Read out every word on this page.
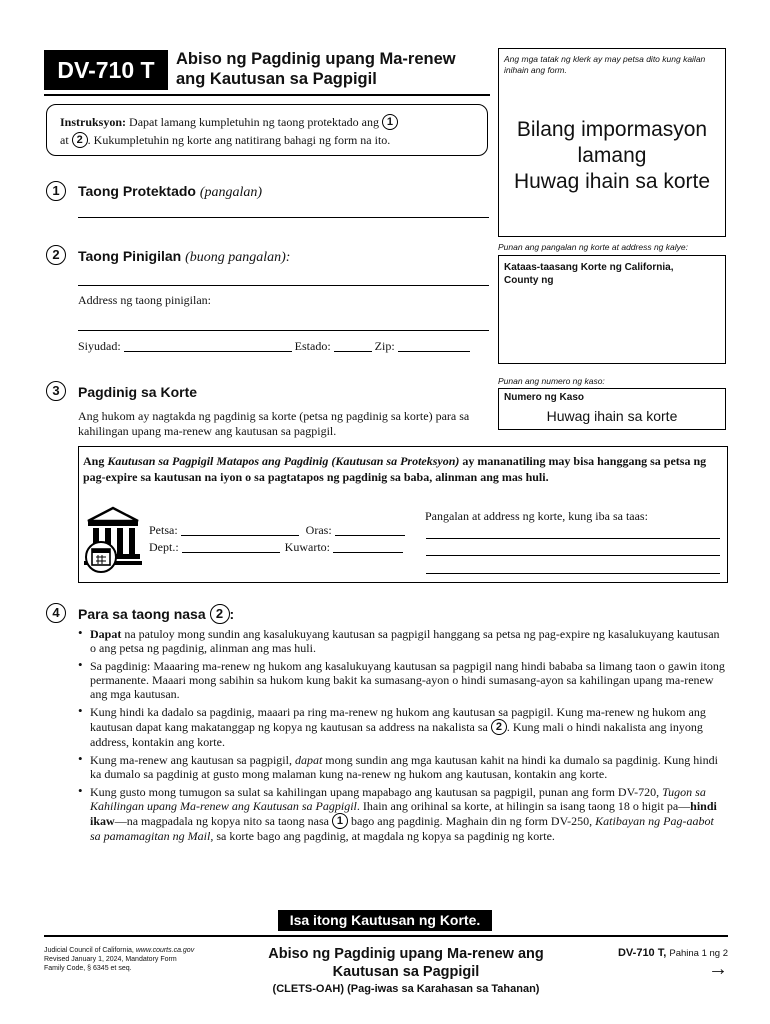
DV-710 T	Abiso ng Pagdinig upang Ma-renew
ang Kautusan sa Pagpigil
Ang mga tatak ng klerk ay may petsa dito kung kailan inihain ang form.
Bilang impormasyon
lamang
Huwag ihain sa korte
Instruksyon: Dapat lamang kumpletuhin ng taong protektado ang 1
at 2 . Kukumpletuhin ng korte ang natitirang bahagi ng form na ito.
1	Taong Protektado (pangalan)
2	Taong Pinigilan (buong pangalan):
Address ng taong pinigilan:
Siyudad:	Estado:	Zip:
Punan ang pangalan ng korte at address ng kalye:
Kataas-taasang Korte ng California,
County ng
Punan ang numero ng kaso:
Numero ng Kaso
Huwag ihain sa korte
3	Pagdinig sa Korte
Ang hukom ay nagtakda ng pagdinig sa korte (petsa ng pagdinig sa korte) para sa kahilingan upang ma-renew ang kautusan sa pagpigil.
Ang Kautusan sa Pagpigil Matapos ang Pagdinig (Kautusan sa Proteksyon) ay mananatiling may bisa hanggang sa petsa ng pag-expire sa kautusan na iyon o sa pagtatapos ng pagdinig sa baba, alinman ang mas huli.
Petsa:	Oras:
Dept.:	Kuwarto:
Pangalan at address ng korte, kung iba sa taas:
4	Para sa taong nasa 2 :
• Dapat na patuloy mong sundin ang kasalukuyang kautusan sa pagpigil hanggang sa petsa ng pag-expire ng kasalukuyang kautusan o ang petsa ng pagdinig, alinman ang mas huli.
• Sa pagdinig: Maaaring ma-renew ng hukom ang kasalukuyang kautusan sa pagpigil nang hindi bababa sa limang taon o gawin itong permanente. Maaari mong sabihin sa hukom kung bakit ka sumasang-ayon o hindi sumasang-ayon sa kahilingan upang ma-renew ang mga kautusan.
• Kung hindi ka dadalo sa pagdinig, maaari pa ring ma-renew ng hukom ang kautusan sa pagpigil. Kung ma-renew ng hukom ang kautusan dapat kang makatanggap ng kopya ng kautusan sa address na nakalista sa 2 . Kung mali o hindi nakalista ang inyong address, kontakin ang korte.
• Kung ma-renew ang kautusan sa pagpigil, dapat mong sundin ang mga kautusan kahit na hindi ka dumalo sa pagdinig. Kung hindi ka dumalo sa pagdinig at gusto mong malaman kung na-renew ng hukom ang kautusan, kontakin ang korte.
• Kung gusto mong tumugon sa sulat sa kahilingan upang mapabago ang kautusan sa pagpigil, punan ang form DV-720, Tugon sa Kahilingan upang Ma-renew ang Kautusan sa Pagpigil. Ihain ang orihinal sa korte, at hilingin sa isang taong 18 o higit pa—hindi ikaw—na magpadala ng kopya nito sa taong nasa 1 bago ang pagdinig. Maghain din ng form DV-250, Katibayan ng Pag-aabot sa pamamagitan ng Mail, sa korte bago ang pagdinig, at magdala ng kopya sa pagdinig ng korte.
Isa itong Kautusan ng Korte.
Judicial Council of California, www.courts.ca.gov
Revised January 1, 2024, Mandatory Form
Family Code, § 6345 et seq.
Abiso ng Pagdinig upang Ma-renew ang
Kautusan sa Pagpigil
(CLETS-OAH) (Pag-iwas sa Karahasan sa Tahanan)
DV-710 T, Pahina 1 ng 2
→
